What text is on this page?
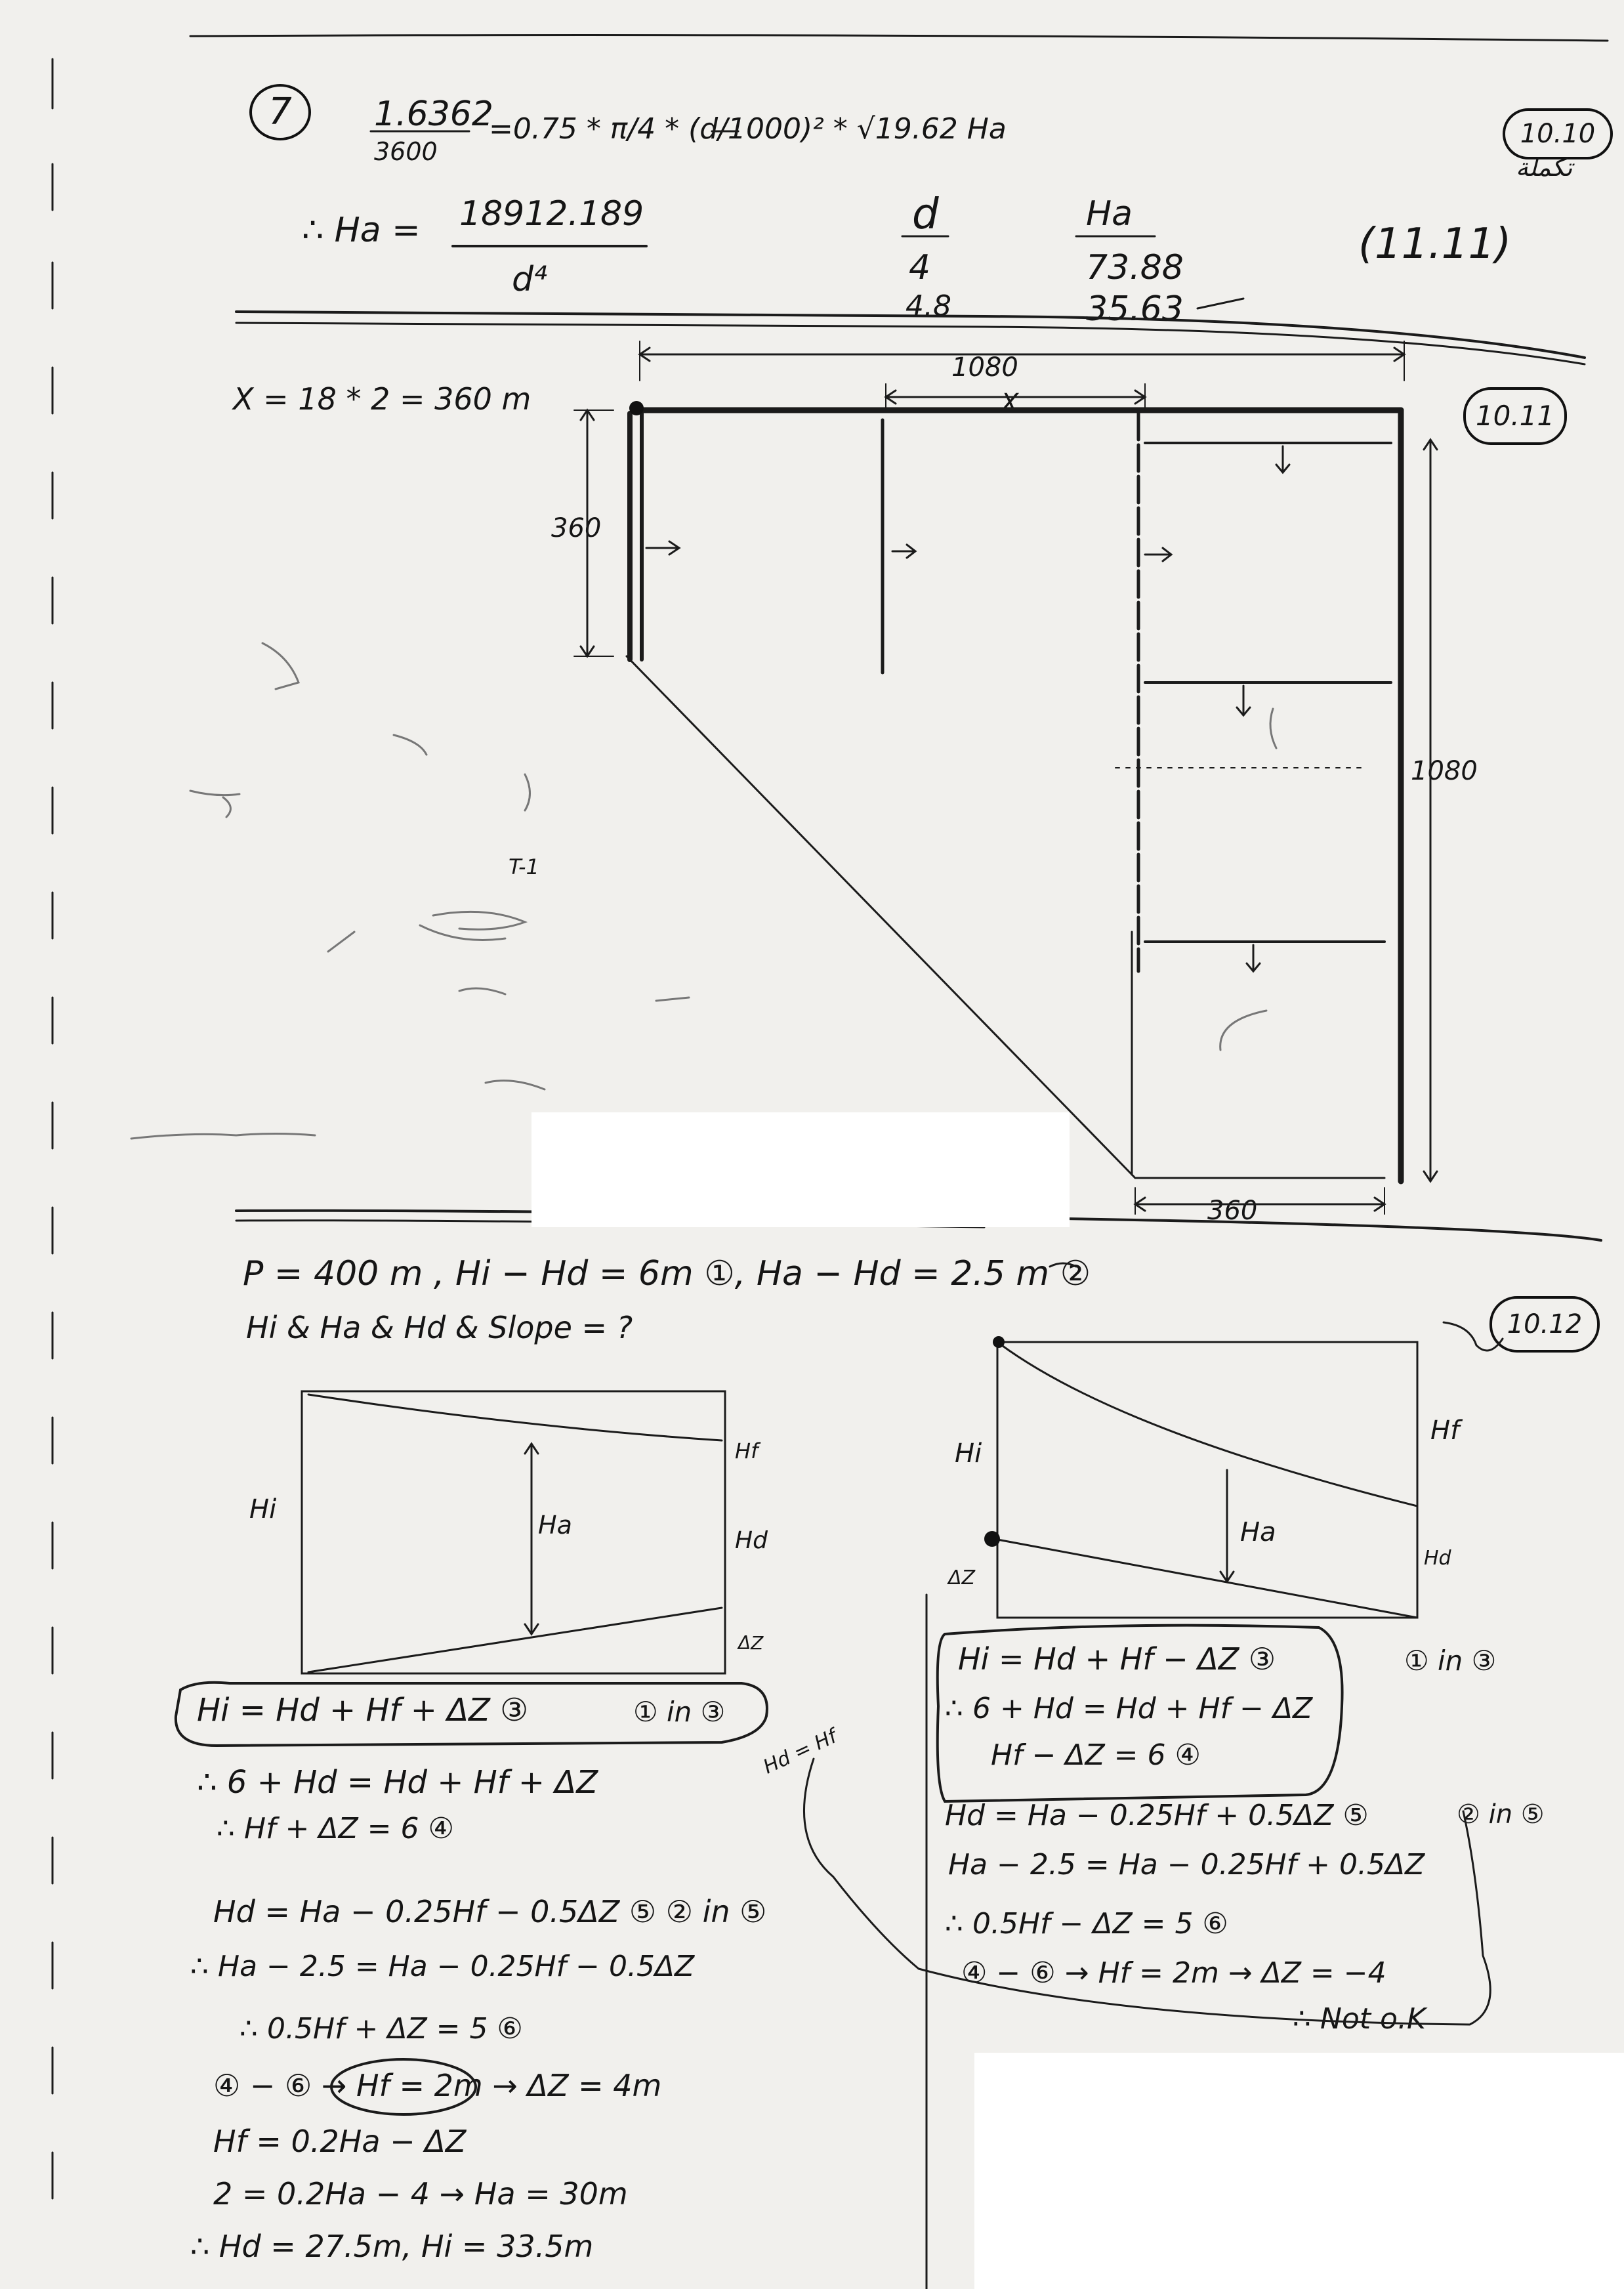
7	1.6362
3600
=0.75 * π/4 * (d/1000)² * √19.62 Ha
∴ Ha = 18912.189
d⁴
d	Ha
4	73.88
4.8	35.63
(11.11)
10.10
تكملة
X = 18 * 2 = 360 m
1080
X
360
1080
360
T-1
10.11
P = 400 m , Hi − Hd = 6m ①, Ha − Hd = 2.5 m ②
Hi & Ha & Hd & Slope = ?	10.12
Hi
Hf
Ha
Hd
ΔZ
Hi
Hf
Ha
Hd
ΔZ
Hi = Hd + Hf + ΔZ ③	① in ③
∴ 6 + Hd = Hd + Hf + ΔZ
∴ Hf + ΔZ = 6 ④
Hd = Ha − 0.25Hf − 0.5ΔZ ⑤ ② in ⑤
∴ Ha − 2.5 = Ha − 0.25Hf − 0.5ΔZ
∴ 0.5Hf + ΔZ = 5 ⑥
④ − ⑥ → Hf = 2m → ΔZ = 4m
Hf = 0.2Ha − ΔZ
2 = 0.2Ha − 4 → Ha = 30m
∴ Hd = 27.5m, Hi = 33.5m
Hd = Hf
Hi = Hd + Hf − ΔZ ③	① in ③
∴ 6 + Hd = Hd + Hf − ΔZ
Hf − ΔZ = 6 ④
Hd = Ha − 0.25Hf + 0.5ΔZ ⑤	② in ⑤
Ha − 2.5 = Ha − 0.25Hf + 0.5ΔZ
∴ 0.5Hf − ΔZ = 5 ⑥
④ − ⑥ → Hf = 2m → ΔZ = −4
∴ Not o.K
